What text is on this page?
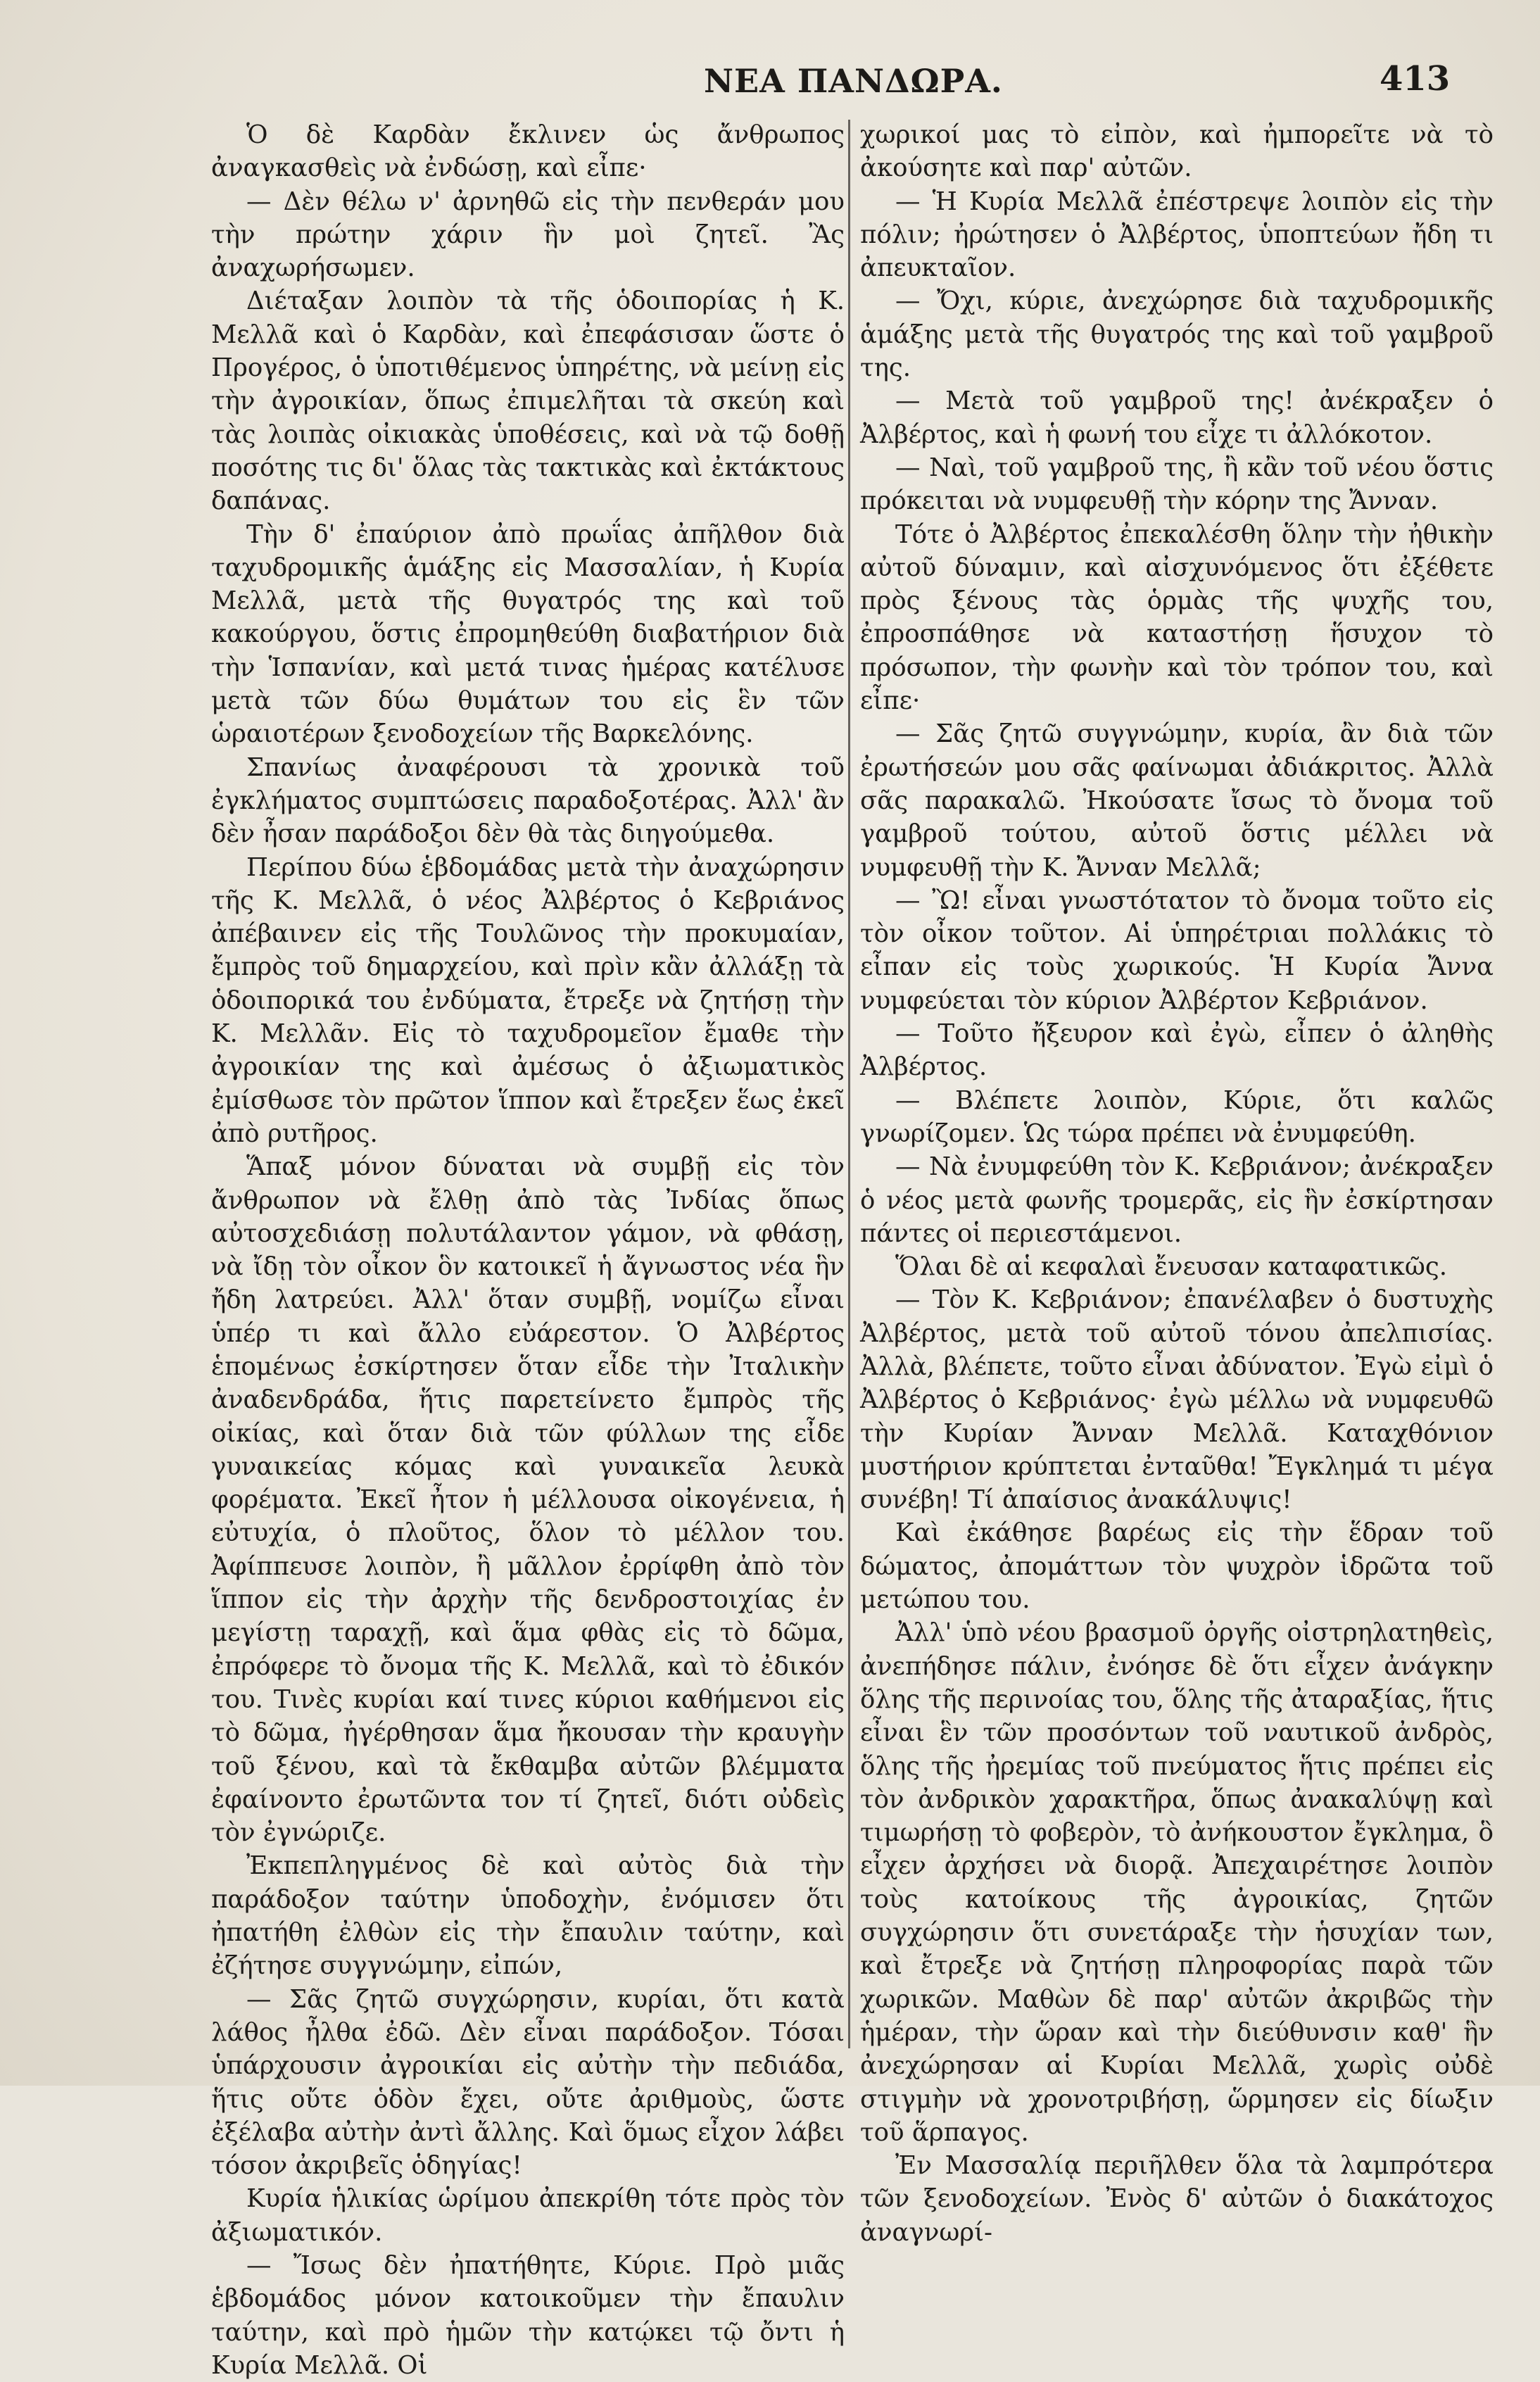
ΝΕΑ ΠΑΝΔΩΡΑ.	413

Ὁ δὲ Καρδὰν ἔκλινεν ὡς ἄνθρωπος ἀναγκασθεὶς νὰ ἐνδώσῃ, καὶ εἶπε·

— Δὲν θέλω ν' ἀρνηθῶ εἰς τὴν πενθεράν μου τὴν πρώτην χάριν ἣν μοὶ ζητεῖ. Ἂς ἀναχωρήσωμεν.

Διέταξαν λοιπὸν τὰ τῆς ὁδοιπορίας ἡ Κ. Μελλᾶ καὶ ὁ Καρδὰν, καὶ ἐπεφάσισαν ὥστε ὁ Προγέρος, ὁ ὑποτιθέμενος ὑπηρέτης, νὰ μείνῃ εἰς τὴν ἀγροικίαν, ὅπως ἐπιμελῆται τὰ σκεύη καὶ τὰς λοιπὰς οἰκιακὰς ὑποθέσεις, καὶ νὰ τῷ δοθῇ ποσότης τις δι' ὅλας τὰς τακτικὰς καὶ ἐκτάκτους δαπάνας.

Τὴν δ' ἐπαύριον ἀπὸ πρωΐας ἀπῆλθον διὰ ταχυδρομικῆς ἁμάξης εἰς Μασσαλίαν, ἡ Κυρία Μελλᾶ, μετὰ τῆς θυγατρός της καὶ τοῦ κακούργου, ὅστις ἐπρομηθεύθη διαβατήριον διὰ τὴν Ἱσπανίαν, καὶ μετά τινας ἡμέρας κατέλυσε μετὰ τῶν δύω θυμάτων του εἰς ἓν τῶν ὡραιοτέρων ξενοδοχείων τῆς Βαρκελόνης.

Σπανίως ἀναφέρουσι τὰ χρονικὰ τοῦ ἐγκλήματος συμπτώσεις παραδοξοτέρας. Ἀλλ' ἂν δὲν ἦσαν παράδοξοι δὲν θὰ τὰς διηγούμεθα.

Περίπου δύω ἑβδομάδας μετὰ τὴν ἀναχώρησιν τῆς Κ. Μελλᾶ, ὁ νέος Ἀλβέρτος ὁ Κεβριάνος ἀπέβαινεν εἰς τῆς Τουλῶνος τὴν προκυμαίαν, ἔμπρὸς τοῦ δημαρχείου, καὶ πρὶν κἂν ἀλλάξῃ τὰ ὁδοιπορικά του ἐνδύματα, ἔτρεξε νὰ ζητήσῃ τὴν Κ. Μελλᾶν. Εἰς τὸ ταχυδρομεῖον ἔμαθε τὴν ἀγροικίαν της καὶ ἀμέσως ὁ ἀξιωματικὸς ἐμίσθωσε τὸν πρῶτον ἵππον καὶ ἔτρεξεν ἕως ἐκεῖ ἀπὸ ρυτῆρος.

Ἅπαξ μόνον δύναται νὰ συμβῇ εἰς τὸν ἄνθρωπον νὰ ἔλθῃ ἀπὸ τὰς Ἰνδίας ὅπως αὐτοσχεδιάσῃ πολυτάλαντον γάμον, νὰ φθάσῃ, νὰ ἴδῃ τὸν οἶκον ὃν κατοικεῖ ἡ ἄγνωστος νέα ἣν ἤδη λατρεύει. Ἀλλ' ὅταν συμβῇ, νομίζω εἶναι ὑπέρ τι καὶ ἄλλο εὐάρεστον. Ὁ Ἀλβέρτος ἑπομένως ἐσκίρτησεν ὅταν εἶδε τὴν Ἰταλικὴν ἀναδενδράδα, ἥτις παρετείνετο ἔμπρὸς τῆς οἰκίας, καὶ ὅταν διὰ τῶν φύλλων της εἶδε γυναικείας κόμας καὶ γυναικεῖα λευκὰ φορέματα. Ἐκεῖ ἦτον ἡ μέλλουσα οἰκογένεια, ἡ εὐτυχία, ὁ πλοῦτος, ὅλον τὸ μέλλον του. Ἀφίππευσε λοιπὸν, ἢ μᾶλλον ἐρρίφθη ἀπὸ τὸν ἵππον εἰς τὴν ἀρχὴν τῆς δενδροστοιχίας ἐν μεγίστῃ ταραχῇ, καὶ ἅμα φθὰς εἰς τὸ δῶμα, ἐπρόφερε τὸ ὄνομα τῆς Κ. Μελλᾶ, καὶ τὸ ἐδικόν του. Τινὲς κυρίαι καί τινες κύριοι καθήμενοι εἰς τὸ δῶμα, ἠγέρθησαν ἅμα ἤκουσαν τὴν κραυγὴν τοῦ ξένου, καὶ τὰ ἔκθαμβα αὐτῶν βλέμματα ἐφαίνοντο ἐρωτῶντα τον τί ζητεῖ, διότι οὐδεὶς τὸν ἐγνώριζε.

Ἐκπεπληγμένος δὲ καὶ αὐτὸς διὰ τὴν παράδοξον ταύτην ὑποδοχὴν, ἐνόμισεν ὅτι ἠπατήθη ἐλθὼν εἰς τὴν ἔπαυλιν ταύτην, καὶ ἐζήτησε συγγνώμην, εἰπών,

— Σᾶς ζητῶ συγχώρησιν, κυρίαι, ὅτι κατὰ λάθος ἦλθα ἐδῶ. Δὲν εἶναι παράδοξον. Τόσαι ὑπάρχουσιν ἀγροικίαι εἰς αὐτὴν τὴν πεδιάδα, ἥτις οὔτε ὁδὸν ἔχει, οὔτε ἀριθμοὺς, ὥστε ἐξέλαβα αὐτὴν ἀντὶ ἄλλης. Καὶ ὅμως εἶχον λάβει τόσον ἀκριβεῖς ὁδηγίας!

Κυρία ἡλικίας ὡρίμου ἀπεκρίθη τότε πρὸς τὸν ἀξιωματικόν.

— Ἴσως δὲν ἠπατήθητε, Κύριε. Πρὸ μιᾶς ἑβδομάδος μόνον κατοικοῦμεν τὴν ἔπαυλιν ταύτην, καὶ πρὸ ἡμῶν τὴν κατῴκει τῷ ὄντι ἡ Κυρία Μελλᾶ. Οἱ

χωρικοί μας τὸ εἰπὸν, καὶ ἠμπορεῖτε νὰ τὸ ἀκούσητε καὶ παρ' αὐτῶν.

— Ἡ Κυρία Μελλᾶ ἐπέστρεψε λοιπὸν εἰς τὴν πόλιν; ἠρώτησεν ὁ Ἀλβέρτος, ὑποπτεύων ἤδη τι ἀπευκταῖον.

— Ὄχι, κύριε, ἀνεχώρησε διὰ ταχυδρομικῆς ἁμάξης μετὰ τῆς θυγατρός της καὶ τοῦ γαμβροῦ της.

— Μετὰ τοῦ γαμβροῦ της! ἀνέκραξεν ὁ Ἀλβέρτος, καὶ ἡ φωνή του εἶχε τι ἀλλόκοτον.

— Ναὶ, τοῦ γαμβροῦ της, ἢ κἂν τοῦ νέου ὅστις πρόκειται νὰ νυμφευθῇ τὴν κόρην της Ἄνναν.

Τότε ὁ Ἀλβέρτος ἐπεκαλέσθη ὅλην τὴν ἠθικὴν αὐτοῦ δύναμιν, καὶ αἰσχυνόμενος ὅτι ἐξέθετε πρὸς ξένους τὰς ὁρμὰς τῆς ψυχῆς του, ἐπροσπάθησε νὰ καταστήσῃ ἥσυχον τὸ πρόσωπον, τὴν φωνὴν καὶ τὸν τρόπον του, καὶ εἶπε·

— Σᾶς ζητῶ συγγνώμην, κυρία, ἂν διὰ τῶν ἐρωτήσεών μου σᾶς φαίνωμαι ἀδιάκριτος. Ἀλλὰ σᾶς παρακαλῶ. Ἠκούσατε ἴσως τὸ ὄνομα τοῦ γαμβροῦ τούτου, αὐτοῦ ὅστις μέλλει νὰ νυμφευθῇ τὴν Κ. Ἄνναν Μελλᾶ;

— Ὢ! εἶναι γνωστότατον τὸ ὄνομα τοῦτο εἰς τὸν οἶκον τοῦτον. Αἱ ὑπηρέτριαι πολλάκις τὸ εἶπαν εἰς τοὺς χωρικούς. Ἡ Κυρία Ἄννα νυμφεύεται τὸν κύριον Ἀλβέρτον Κεβριάνον.

— Τοῦτο ἤξευρον καὶ ἐγὼ, εἶπεν ὁ ἀληθὴς Ἀλβέρτος.

— Βλέπετε λοιπὸν, Κύριε, ὅτι καλῶς γνωρίζομεν. Ὡς τώρα πρέπει νὰ ἐνυμφεύθη.

— Νὰ ἐνυμφεύθη τὸν Κ. Κεβριάνον; ἀνέκραξεν ὁ νέος μετὰ φωνῆς τρομερᾶς, εἰς ἣν ἐσκίρτησαν πάντες οἱ περιεστάμενοι.

Ὅλαι δὲ αἱ κεφαλαὶ ἔνευσαν καταφατικῶς.

— Τὸν Κ. Κεβριάνον; ἐπανέλαβεν ὁ δυστυχὴς Ἀλβέρτος, μετὰ τοῦ αὐτοῦ τόνου ἀπελπισίας. Ἀλλὰ, βλέπετε, τοῦτο εἶναι ἀδύνατον. Ἐγὼ εἰμὶ ὁ Ἀλβέρτος ὁ Κεβριάνος· ἐγὼ μέλλω νὰ νυμφευθῶ τὴν Κυρίαν Ἄνναν Μελλᾶ. Καταχθόνιον μυστήριον κρύπτεται ἐνταῦθα! Ἔγκλημά τι μέγα συνέβη! Τί ἀπαίσιος ἀνακάλυψις!

Καὶ ἐκάθησε βαρέως εἰς τὴν ἕδραν τοῦ δώματος, ἀπομάττων τὸν ψυχρὸν ἱδρῶτα τοῦ μετώπου του.

Ἀλλ' ὑπὸ νέου βρασμοῦ ὀργῆς οἰστρηλατηθεὶς, ἀνεπήδησε πάλιν, ἐνόησε δὲ ὅτι εἶχεν ἀνάγκην ὅλης τῆς περινοίας του, ὅλης τῆς ἀταραξίας, ἥτις εἶναι ἓν τῶν προσόντων τοῦ ναυτικοῦ ἀνδρὸς, ὅλης τῆς ἠρεμίας τοῦ πνεύματος ἥτις πρέπει εἰς τὸν ἀνδρικὸν χαρακτῆρα, ὅπως ἀνακαλύψῃ καὶ τιμωρήσῃ τὸ φοβερὸν, τὸ ἀνήκουστον ἔγκλημα, ὃ εἶχεν ἀρχήσει νὰ διορᾷ. Ἀπεχαιρέτησε λοιπὸν τοὺς κατοίκους τῆς ἀγροικίας, ζητῶν συγχώρησιν ὅτι συνετάραξε τὴν ἡσυχίαν των, καὶ ἔτρεξε νὰ ζητήσῃ πληροφορίας παρὰ τῶν χωρικῶν. Μαθὼν δὲ παρ' αὐτῶν ἀκριβῶς τὴν ἡμέραν, τὴν ὥραν καὶ τὴν διεύθυνσιν καθ' ἣν ἀνεχώρησαν αἱ Κυρίαι Μελλᾶ, χωρὶς οὐδὲ στιγμὴν νὰ χρονοτριβήσῃ, ὥρμησεν εἰς δίωξιν τοῦ ἅρπαγος.

Ἐν Μασσαλίᾳ περιῆλθεν ὅλα τὰ λαμπρότερα τῶν ξενοδοχείων. Ἐνὸς δ' αὐτῶν ὁ διακάτοχος ἀναγνωρί-
